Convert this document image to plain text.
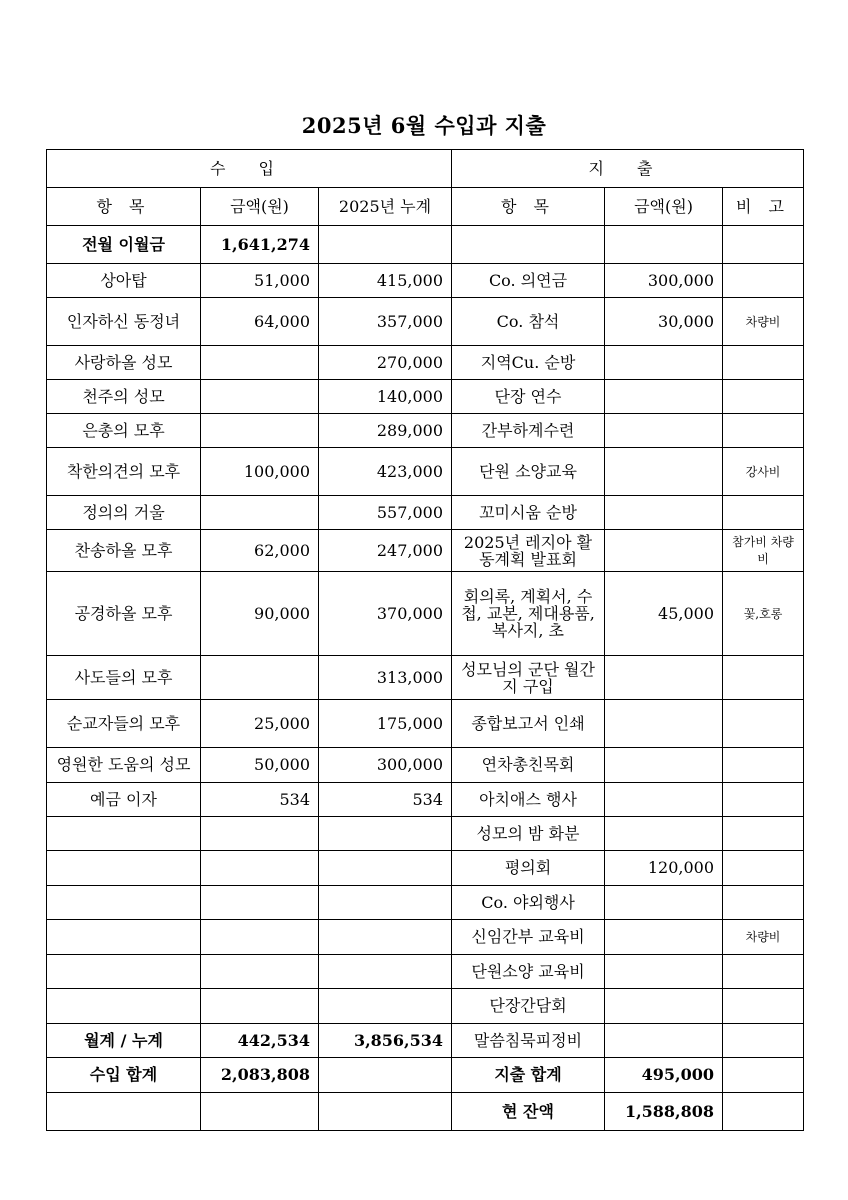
2025년 6월 수입과 지출
수 입			지 출		
항 목	금액(원)	2025년 누계	항 목	금액(원)	비 고
전월 이월금	1,641,274				
상아탑	51,000	415,000	Co. 의연금	300,000	
인자하신 동정녀	64,000	357,000	Co. 참석	30,000	차량비
사랑하올 성모		270,000	지역Cu. 순방		
천주의 성모		140,000	단장 연수		
은총의 모후		289,000	간부하계수련		
착한의견의 모후	100,000	423,000	단원 소양교육		강사비
정의의 거울		557,000	꼬미시움 순방		
찬송하올 모후	62,000	247,000	2025년 레지아 활동계획 발표회		참가비 차량비
공경하올 모후	90,000	370,000	회의록, 계획서, 수첩, 교본, 제대용품, 복사지, 초	45,000	꽃,호롱
사도들의 모후		313,000	성모님의 군단 월간지 구입		
순교자들의 모후	25,000	175,000	종합보고서 인쇄		
영원한 도움의 성모	50,000	300,000	연차총친목회		
예금 이자	534	534	아치애스 행사		
			성모의 밤 화분		
			평의회	120,000	
			Co. 야외행사		
			신임간부 교육비		차량비
			단원소양 교육비		
			단장간담회		
월계 / 누계	442,534	3,856,534	말씀침묵피정비		
수입 합계	2,083,808		지출 합계	495,000	
			현 잔액	1,588,808	
